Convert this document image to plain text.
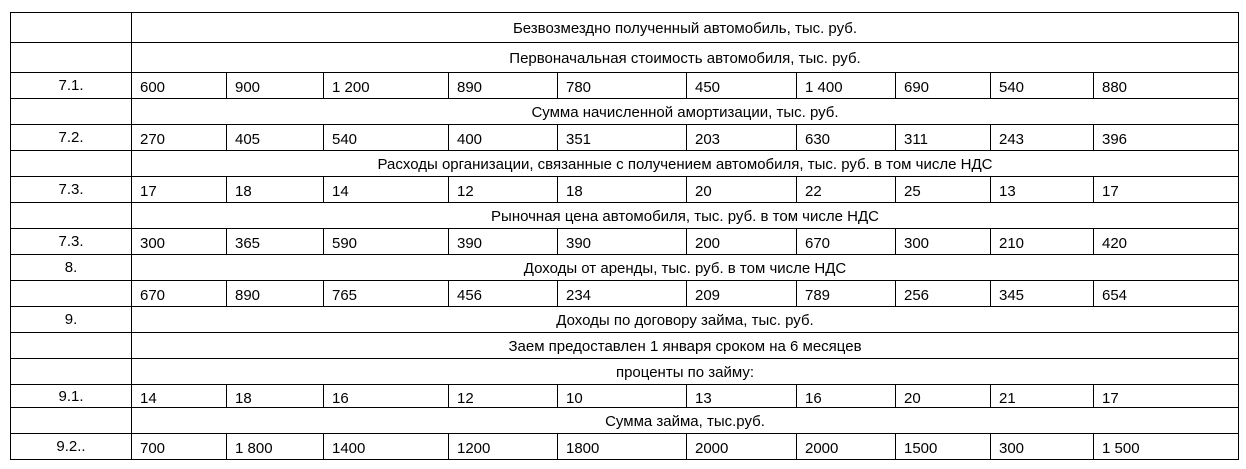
Безвозмездно полученный автомобиль, тыс. руб.
Первоначальная стоимость автомобиля, тыс. руб.
7.1.	600	900	1 200	890	780	450	1 400	690	540	880
Сумма начисленной амортизации, тыс. руб.
7.2.	270	405	540	400	351	203	630	311	243	396
Расходы организации, связанные с получением автомобиля, тыс. руб. в том числе НДС
7.3.	17	18	14	12	18	20	22	25	13	17
Рыночная цена автомобиля, тыс. руб. в том числе НДС
7.3.	300	365	590	390	390	200	670	300	210	420
8.	Доходы от аренды, тыс. руб. в том числе НДС
670	890	765	456	234	209	789	256	345	654
9.	Доходы по договору займа, тыс. руб.
Заем предоставлен 1 января сроком на 6 месяцев
проценты по займу:
9.1.	14	18	16	12	10	13	16	20	21	17
Сумма займа, тыс.руб.
9.2..	700	1 800	1400	1200	1800	2000	2000	1500	300	1 500
